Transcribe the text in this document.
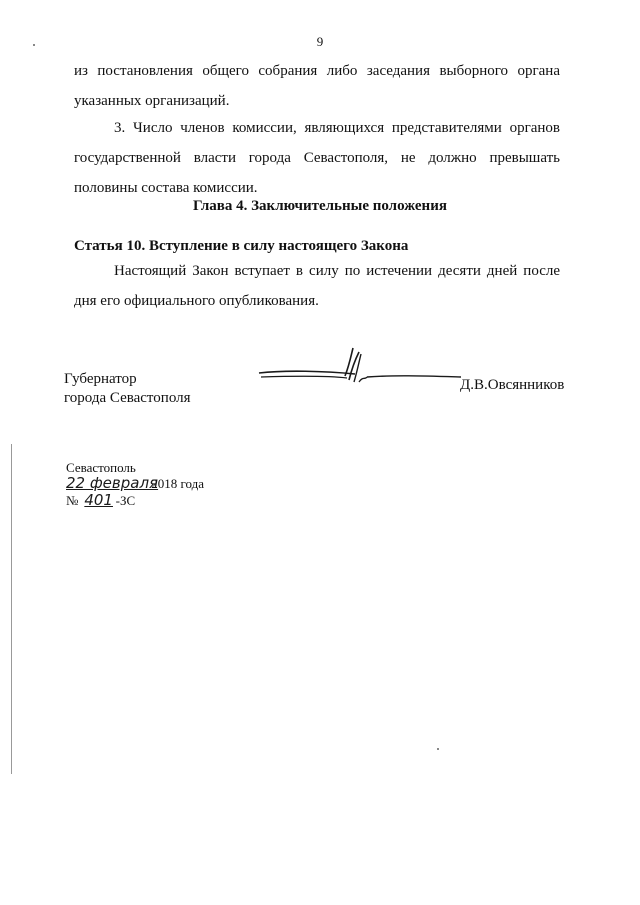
9
из постановления общего собрания либо заседания выборного органа указанных организаций.
3. Число членов комиссии, являющихся представителями органов государственной власти города Севастополя, не должно превышать половины состава комиссии.
Глава 4. Заключительные положения
Статья 10. Вступление в силу настоящего Закона
Настоящий Закон вступает в силу по истечении десяти дней после дня его официального опубликования.
Губернатор
города Севастополя
Д.В.Овсянников
Севастополь
22 февраля 2018 года
№ 401 -ЗС
